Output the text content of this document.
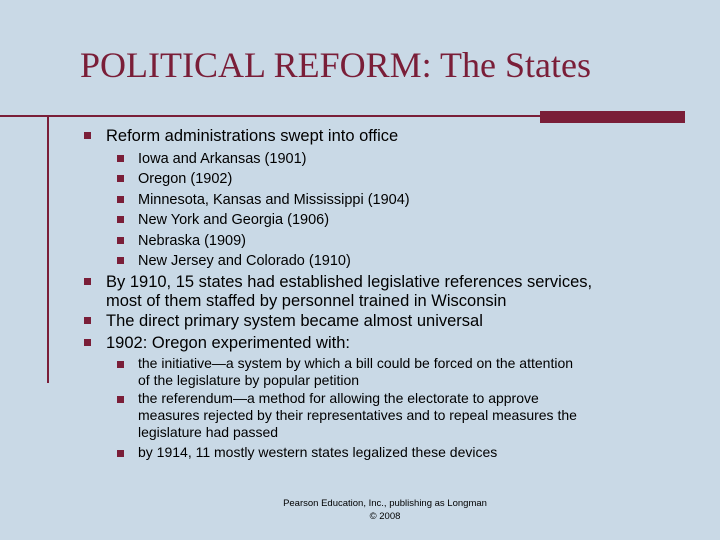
POLITICAL REFORM: The States
Reform administrations swept into office
Iowa and Arkansas (1901)
Oregon (1902)
Minnesota, Kansas and Mississippi (1904)
New York and Georgia (1906)
Nebraska (1909)
New Jersey and Colorado (1910)
By 1910, 15 states had established legislative references services,
most of them staffed by personnel trained in Wisconsin
The direct primary system became almost universal
1902: Oregon experimented with:
the initiative—a system by which a bill could be forced on the attention
of the legislature by popular petition
the referendum—a method for allowing the electorate to approve
measures rejected by their representatives and to repeal measures the
legislature had passed
by 1914, 11 mostly western states legalized these devices
Pearson Education, Inc., publishing as Longman
© 2008
